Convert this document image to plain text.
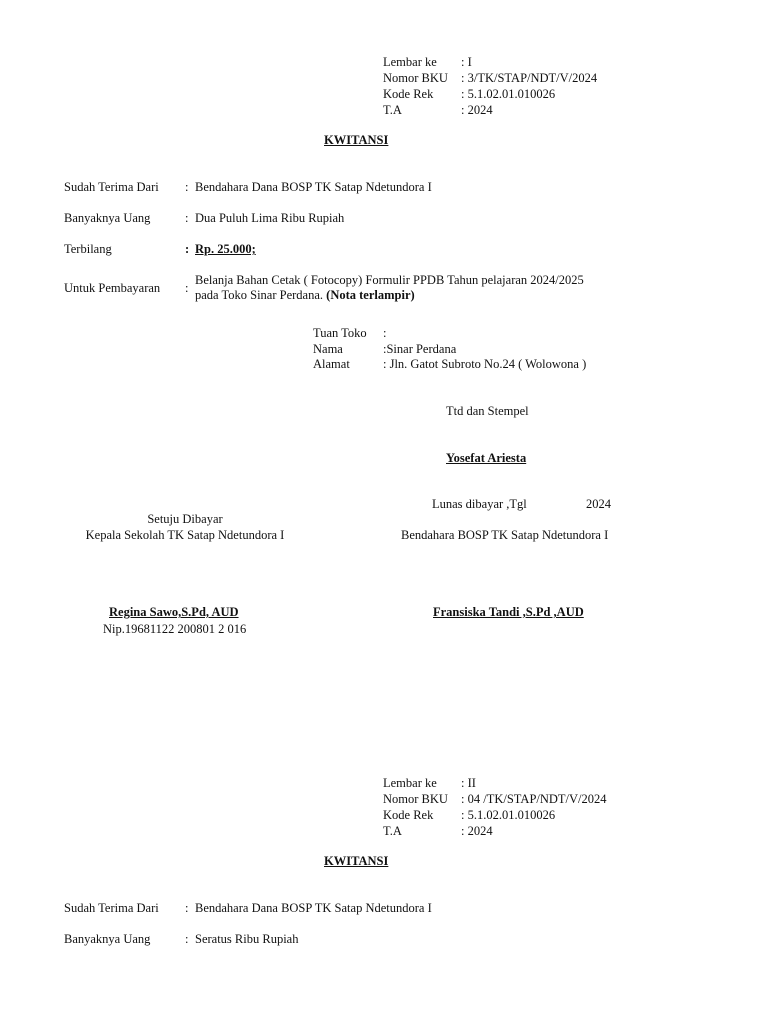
Lembar ke	: I
Nomor BKU	: 3/TK/STAP/NDT/V/2024
Kode Rek	: 5.1.02.01.010026
T.A	: 2024
KWITANSI
Sudah Terima Dari : Bendahara Dana BOSP TK Satap Ndetundora I
Banyaknya Uang	: Dua Puluh Lima Ribu Rupiah
Terbilang	: Rp. 25.000;
Untuk Pembayaran :
Belanja Bahan Cetak ( Fotocopy) Formulir PPDB Tahun pelajaran 2024/2025
pada Toko Sinar Perdana. (Nota terlampir)
Tuan Toko :
Nama	:Sinar Perdana
Alamat	: Jln. Gatot Subroto No.24 ( Wolowona )
Ttd dan Stempel
Yosefat Ariesta
Lunas dibayar ,Tgl	2024
Setuju Dibayar
Kepala Sekolah TK Satap Ndetundora I	Bendahara BOSP TK Satap Ndetundora I
Regina Sawo,S.Pd, AUD
Nip.19681122 200801 2 016
Fransiska Tandi ,S.Pd ,AUD
Lembar ke	: II
Nomor BKU	: 04 /TK/STAP/NDT/V/2024
Kode Rek	: 5.1.02.01.010026
T.A	: 2024
KWITANSI
Sudah Terima Dari : Bendahara Dana BOSP TK Satap Ndetundora I
Banyaknya Uang	: Seratus Ribu Rupiah
